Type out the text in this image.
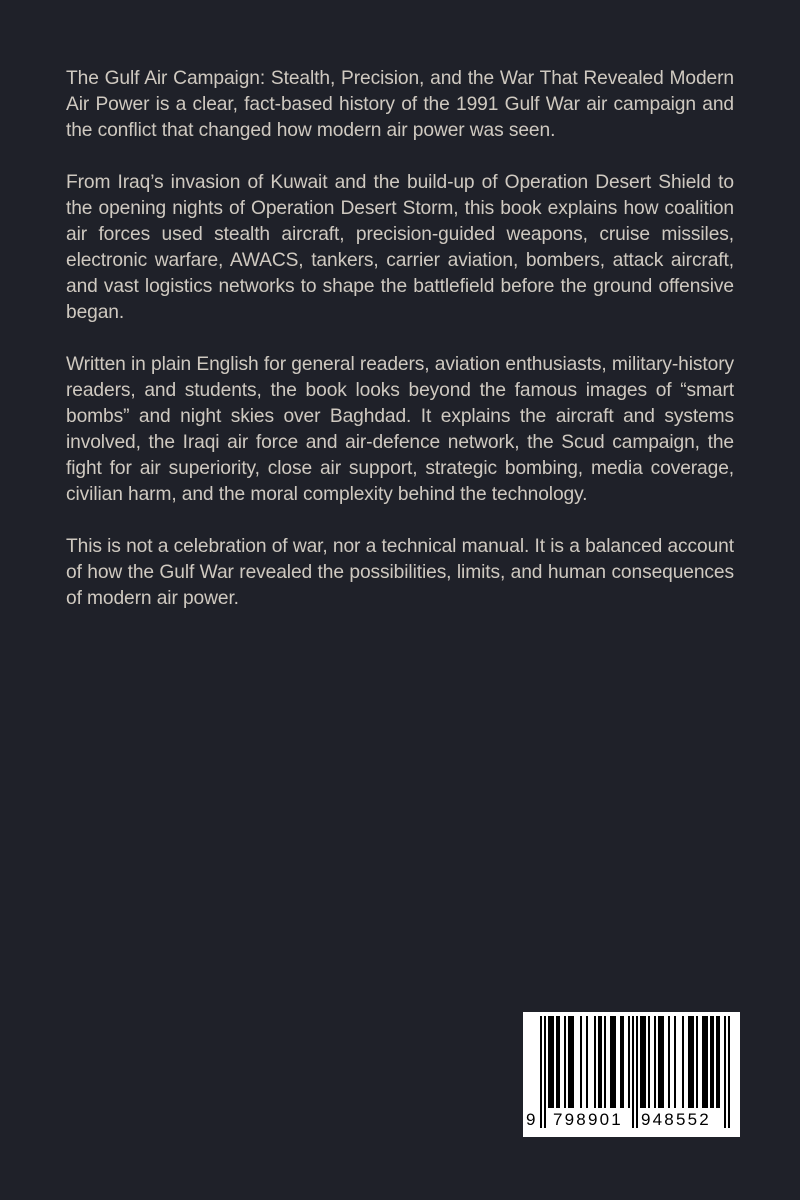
The Gulf Air Campaign: Stealth, Precision, and the War That Revealed Modern Air Power is a clear, fact-based history of the 1991 Gulf War air campaign and the conflict that changed how modern air power was seen.

From Iraq’s invasion of Kuwait and the build-up of Operation Desert Shield to the opening nights of Operation Desert Storm, this book explains how coalition air forces used stealth aircraft, precision-guided weapons, cruise missiles, electronic warfare, AWACS, tankers, carrier aviation, bombers, attack aircraft, and vast logistics networks to shape the battlefield before the ground offensive began.

Written in plain English for general readers, aviation enthusiasts, military-history readers, and students, the book looks beyond the famous images of “smart bombs” and night skies over Baghdad. It explains the aircraft and systems involved, the Iraqi air force and air-defence network, the Scud campaign, the fight for air superiority, close air support, strategic bombing, media coverage, civilian harm, and the moral complexity behind the technology.

This is not a celebration of war, nor a technical manual. It is a balanced account of how the Gulf War revealed the possibilities, limits, and human consequences of modern air power.

9 798901 948552
